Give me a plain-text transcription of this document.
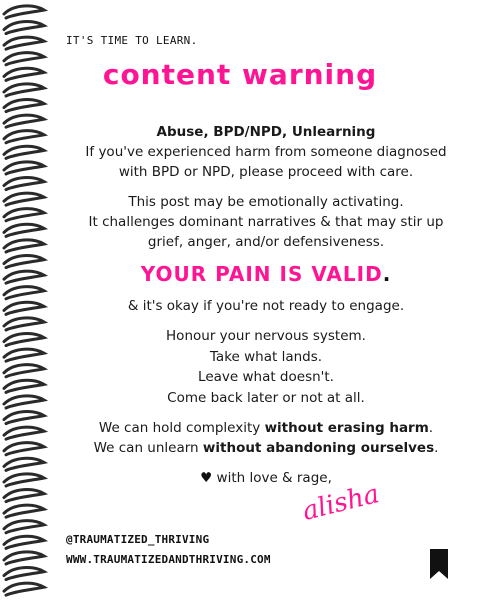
IT'S TIME TO LEARN.
content warning

Abuse, BPD/NPD, Unlearning

If you've experienced harm from someone diagnosed

with BPD or NPD, please proceed with care.

This post may be emotionally activating.

It challenges dominant narratives & that may stir up

grief, anger, and/or defensiveness.

YOUR PAIN IS VALID.

& it's okay if you're not ready to engage.

Honour your nervous system.

Take what lands.

Leave what doesn't.

Come back later or not at all.

We can hold complexity without erasing harm.

We can unlearn without abandoning ourselves.

♥ with love & rage,

alisha
@TRAUMATIZED_THRIVING
WWW.TRAUMATIZEDANDTHRIVING.COM
